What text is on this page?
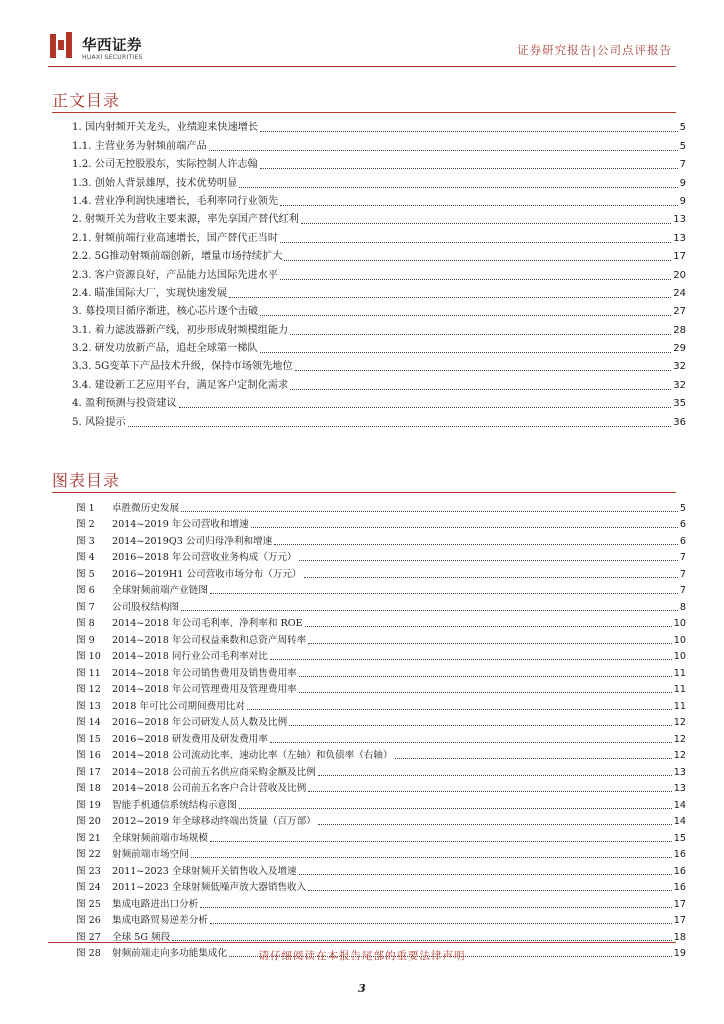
华西证券
HUAXI SECURITIES
证券研究报告|公司点评报告
正文目录
1. 国内射频开关龙头，业绩迎来快速增长	5
1.1. 主营业务为射频前端产品	5
1.2. 公司无控股股东，实际控制人许志翰	7
1.3. 创始人背景雄厚，技术优势明显	9
1.4. 营业净利润快速增长，毛利率同行业领先	9
2. 射频开关为营收主要来源，率先享国产替代红利	13
2.1. 射频前端行业高速增长，国产替代正当时	13
2.2. 5G推动射频前端创新，增量市场持续扩大	17
2.3. 客户资源良好，产品能力达国际先进水平	20
2.4. 瞄准国际大厂，实现快速发展	24
3. 募投项目循序渐进，核心芯片逐个击破	27
3.1. 着力滤波器新产线，初步形成射频模组能力	28
3.2. 研发功放新产品，追赶全球第一梯队	29
3.3. 5G变革下产品技术升级，保持市场领先地位	32
3.4. 建设新工艺应用平台，满足客户定制化需求	32
4. 盈利预测与投资建议	35
5. 风险提示	36
图表目录
图 1	卓胜微历史发展	5
图 2	2014~2019 年公司营收和增速	6
图 3	2014~2019Q3 公司归母净利和增速	6
图 4	2016~2018 年公司营收业务构成（万元）	7
图 5	2016~2019H1 公司营收市场分布（万元）	7
图 6	全球射频前端产业链图	7
图 7	公司股权结构图	8
图 8	2014~2018 年公司毛利率、净利率和 ROE	10
图 9	2014~2018 年公司权益乘数和总资产周转率	10
图 10	2014~2018 同行业公司毛利率对比	10
图 11	2014~2018 年公司销售费用及销售费用率	11
图 12	2014~2018 年公司管理费用及管理费用率	11
图 13	2018 年可比公司期间费用比对	11
图 14	2016~2018 年公司研发人员人数及比例	12
图 15	2016~2018 研发费用及研发费用率	12
图 16	2014~2018 公司流动比率、速动比率（左轴）和负债率（右轴）	12
图 17	2014~2018 公司前五名供应商采购金额及比例	13
图 18	2014~2018 公司前五名客户合计营收及比例	13
图 19	智能手机通信系统结构示意图	14
图 20	2012~2019 年全球移动终端出货量（百万部）	14
图 21	全球射频前端市场规模	15
图 22	射频前端市场空间	16
图 23	2011~2023 全球射频开关销售收入及增速	16
图 24	2011~2023 全球射频低噪声放大器销售收入	16
图 25	集成电路进出口分析	17
图 26	集成电路贸易逆差分析	17
图 27	全球 5G 频段	18
图 28	射频前端走向多功能集成化	19
请仔细阅读在本报告尾部的重要法律声明
3
